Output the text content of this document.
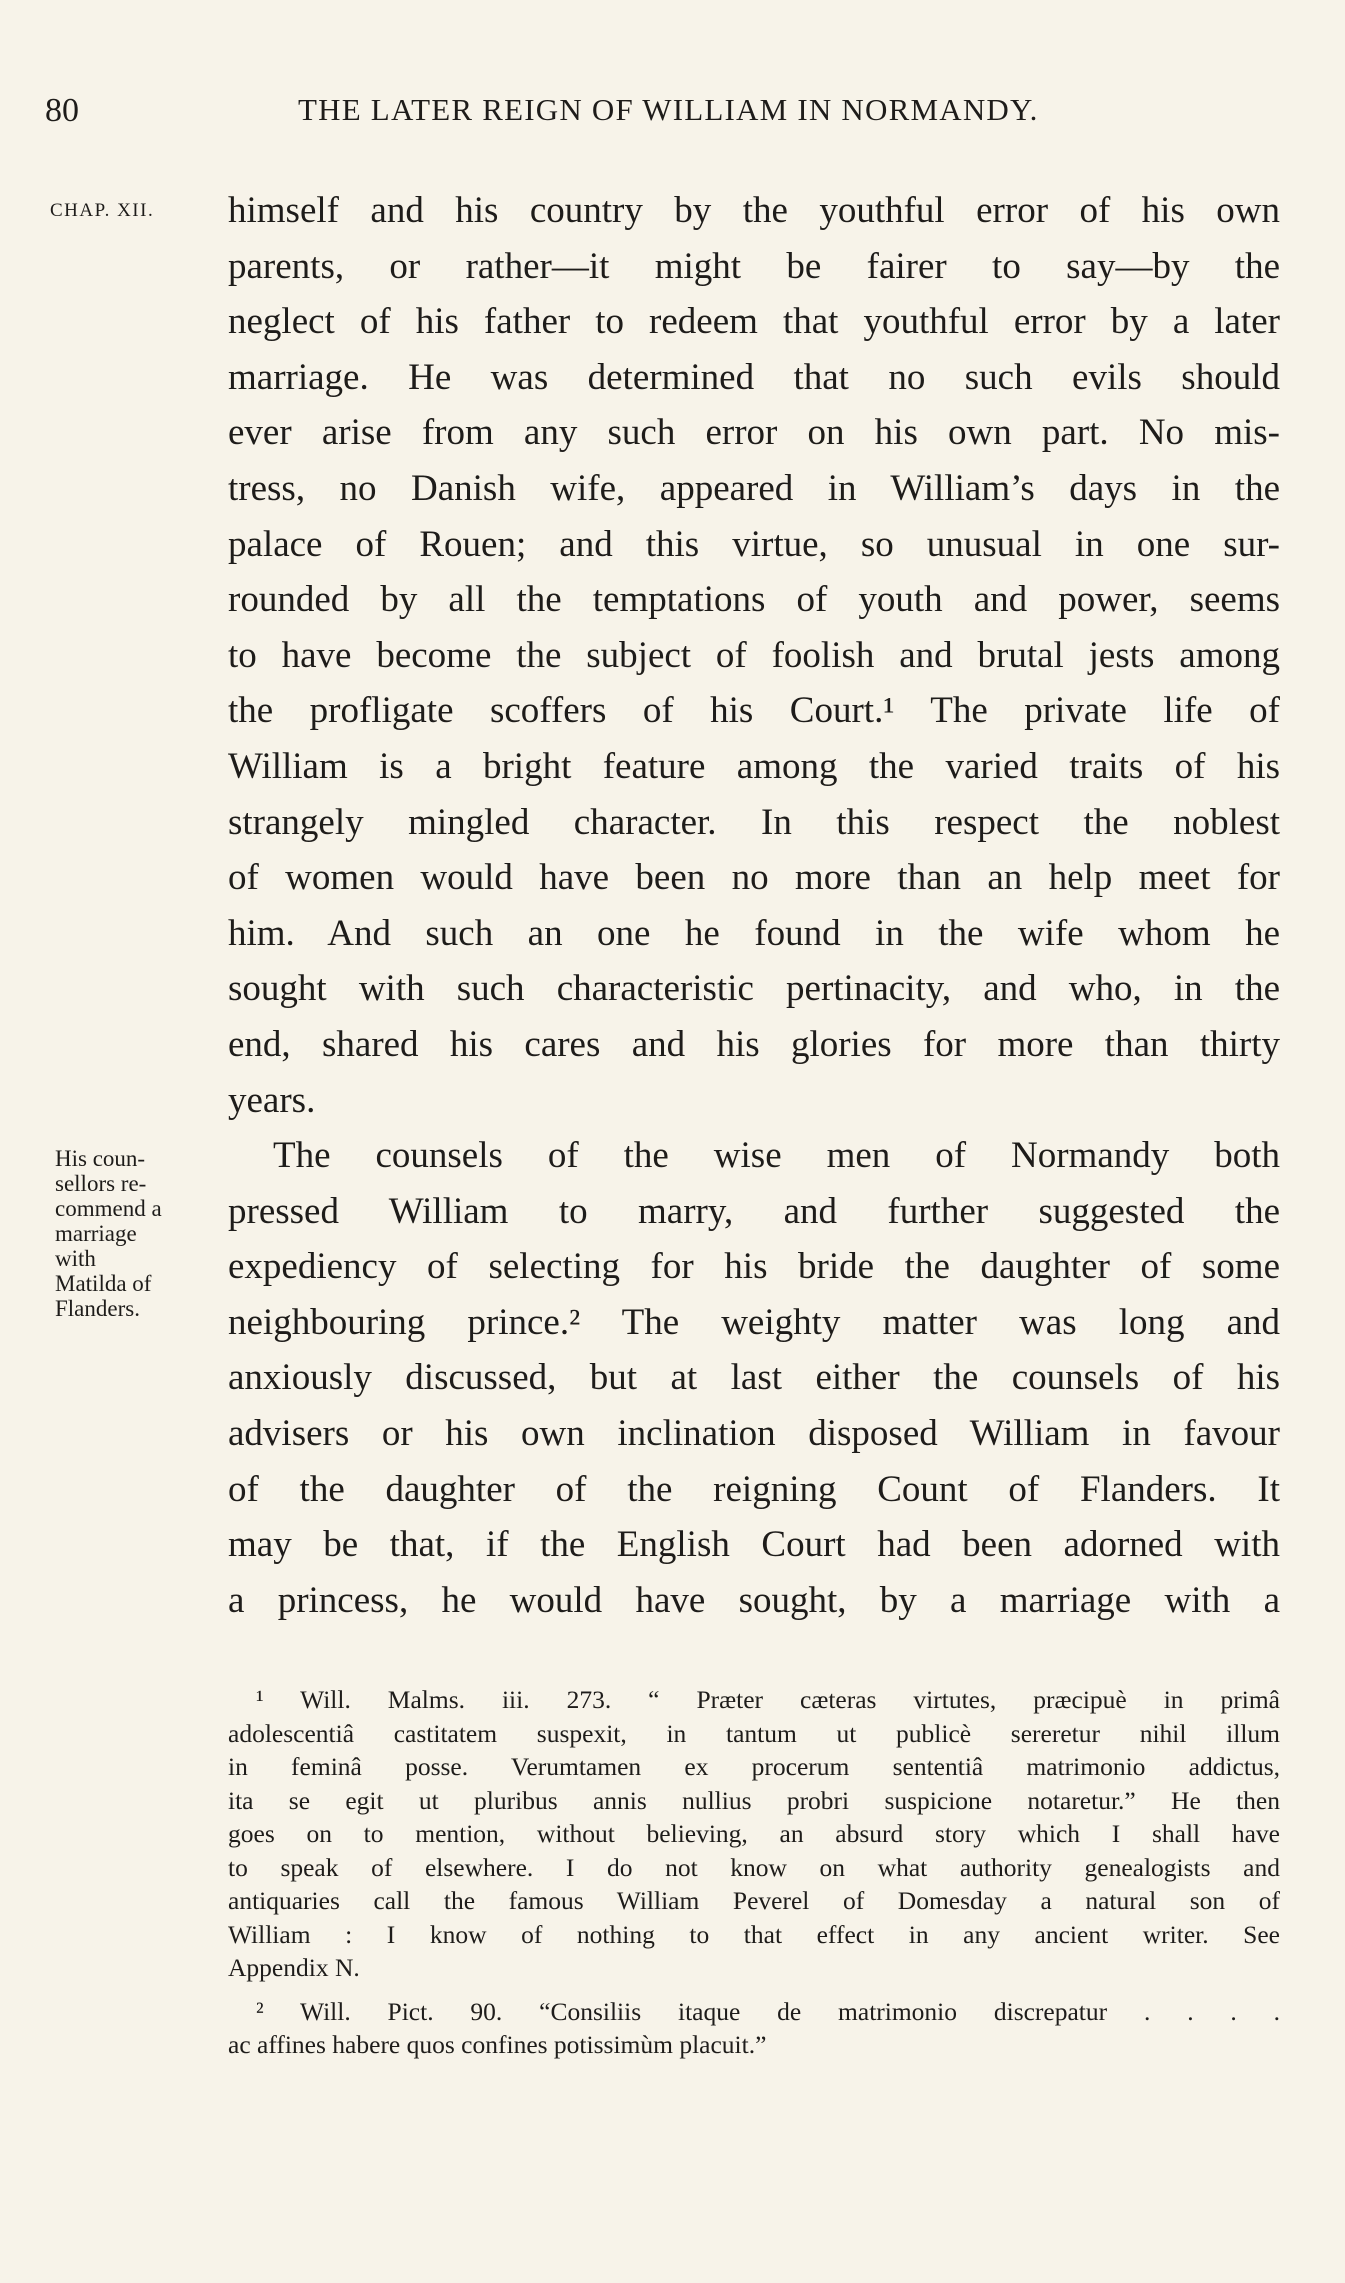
80	THE LATER REIGN OF WILLIAM IN NORMANDY.
CHAP. XII.
His coun-
sellors re-
commend a
marriage
with
Matilda of
Flanders.
himself and his country by the youthful error of his own
parents, or rather—it might be fairer to say—by the
neglect of his father to redeem that youthful error by a later
marriage. He was determined that no such evils should
ever arise from any such error on his own part. No mis-
tress, no Danish wife, appeared in William’s days in the
palace of Rouen; and this virtue, so unusual in one sur-
rounded by all the temptations of youth and power, seems
to have become the subject of foolish and brutal jests among
the profligate scoffers of his Court.¹ The private life of
William is a bright feature among the varied traits of his
strangely mingled character. In this respect the noblest
of women would have been no more than an help meet for
him. And such an one he found in the wife whom he
sought with such characteristic pertinacity, and who, in the
end, shared his cares and his glories for more than thirty
years.
The counsels of the wise men of Normandy both
pressed William to marry, and further suggested the
expediency of selecting for his bride the daughter of some
neighbouring prince.² The weighty matter was long and
anxiously discussed, but at last either the counsels of his
advisers or his own inclination disposed William in favour
of the daughter of the reigning Count of Flanders. It
may be that, if the English Court had been adorned with
a princess, he would have sought, by a marriage with a
¹ Will. Malms. iii. 273. “ Præter cæteras virtutes, præcipuè in primâ
adolescentiâ castitatem suspexit, in tantum ut publicè sereretur nihil illum
in feminâ posse. Verumtamen ex procerum sententiâ matrimonio addictus,
ita se egit ut pluribus annis nullius probri suspicione notaretur.” He then
goes on to mention, without believing, an absurd story which I shall have
to speak of elsewhere. I do not know on what authority genealogists and
antiquaries call the famous William Peverel of Domesday a natural son of
William : I know of nothing to that effect in any ancient writer. See
Appendix N.
² Will. Pict. 90. “Consiliis itaque de matrimonio discrepatur . . . .
ac affines habere quos confines potissimùm placuit.”
